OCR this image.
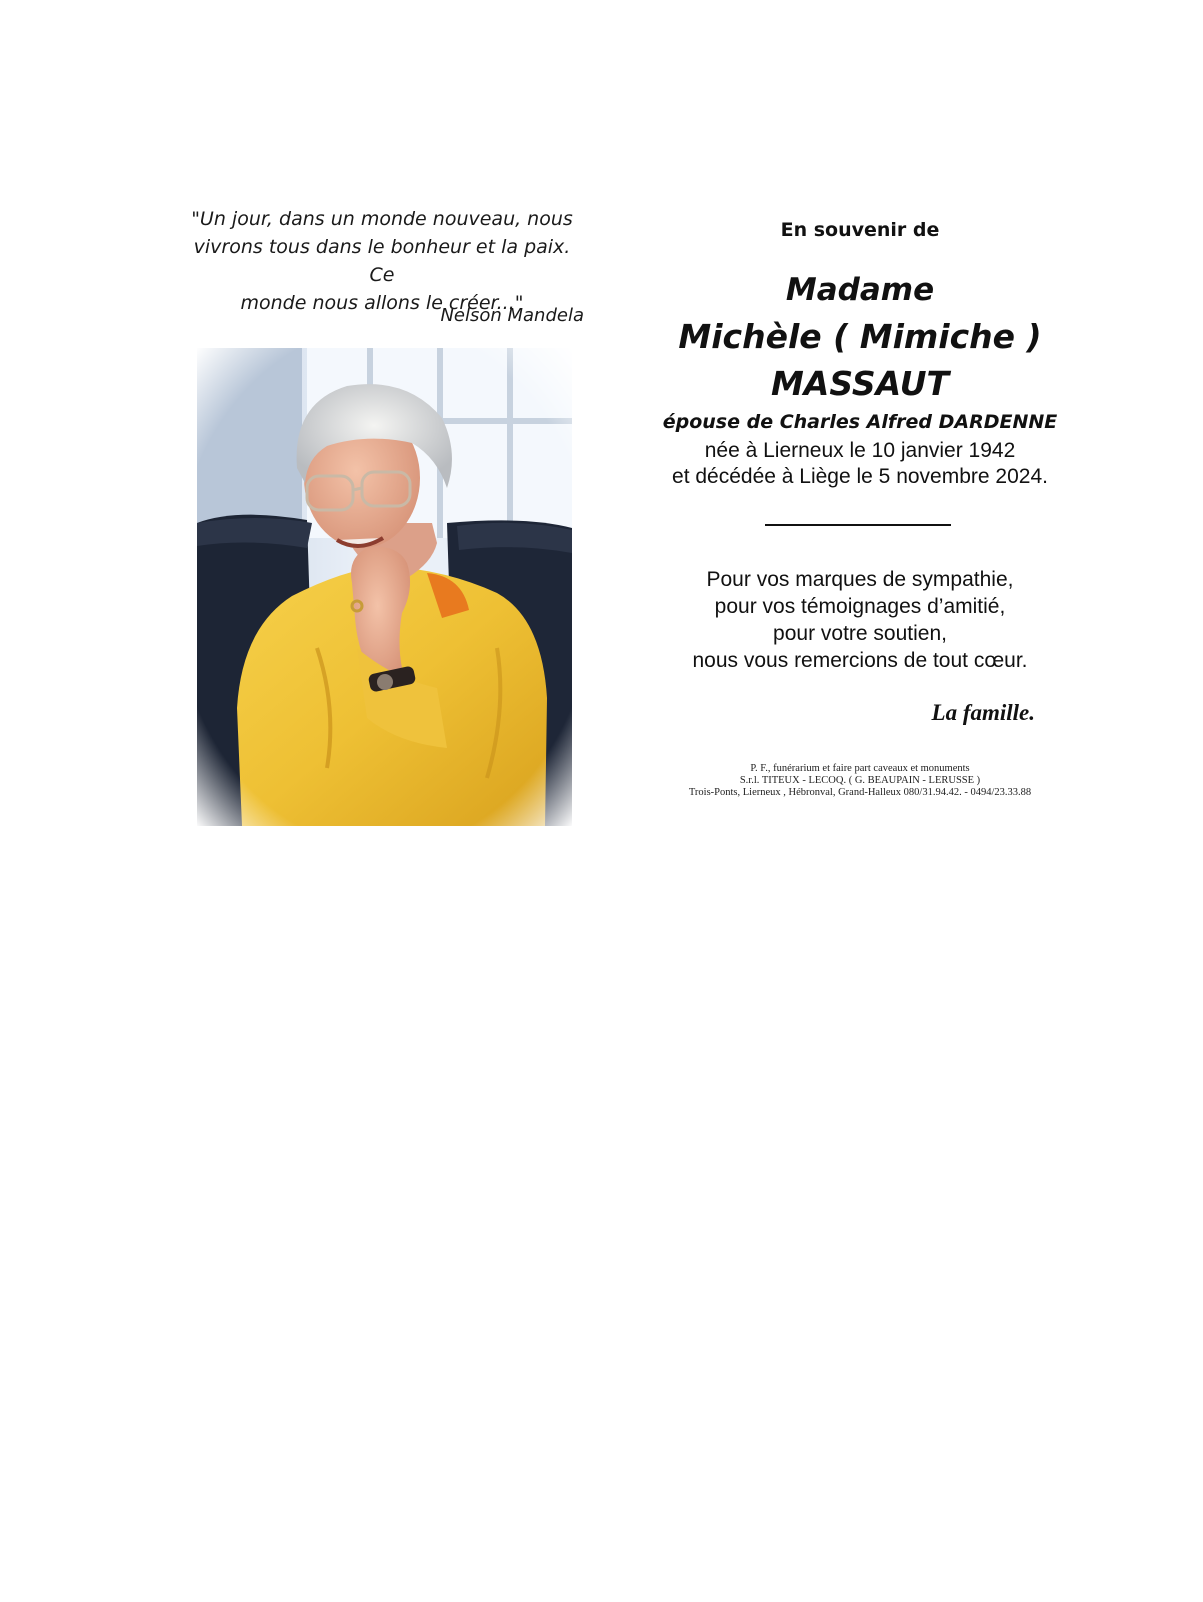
"Un jour, dans un monde nouveau, nous
vivrons tous dans le bonheur et la paix. Ce
monde nous allons le créer..."
Nelson Mandela
En souvenir de
Madame
Michèle ( Mimiche )
MASSAUT
épouse de Charles Alfred DARDENNE
née à Lierneux le 10 janvier 1942
et décédée à Liège le 5 novembre 2024.
Pour vos marques de sympathie,
pour vos témoignages d’amitié,
pour votre soutien,
nous vous remercions de tout cœur.
La famille.
P. F., funérarium et faire part caveaux et monuments
S.r.l. TITEUX - LECOQ. ( G. BEAUPAIN - LERUSSE )
Trois-Ponts, Lierneux , Hébronval, Grand-Halleux 080/31.94.42. - 0494/23.33.88
